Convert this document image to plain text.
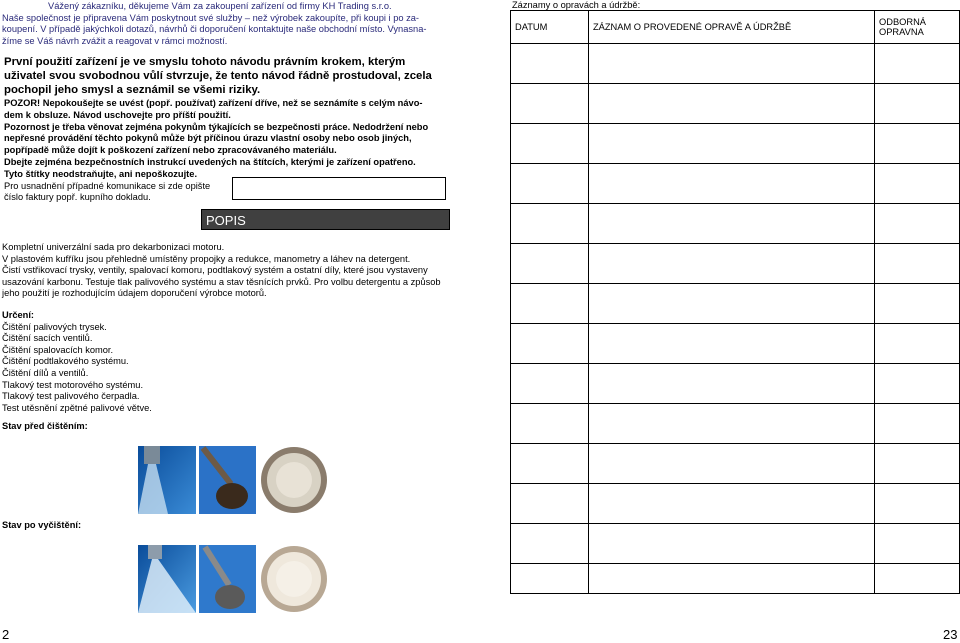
Vážený zákazníku, děkujeme Vám za zakoupení zařízení od firmy KH Trading s.r.o.
Naše společnost je připravena Vám poskytnout své služby – než výrobek zakoupíte, při koupi i po za-
koupení. V případě jakýchkoli dotazů, návrhů či doporučení kontaktujte naše obchodní místo. Vynasna-
žíme se Váš návrh zvážit a reagovat v rámci možností.
První použití zařízení je ve smyslu tohoto návodu právním krokem, kterým uživatel svou svobodnou vůlí stvrzuje, že tento návod řádně prostudoval, zcela pochopil jeho smysl a seznámil se všemi riziky.
POZOR! Nepokoušejte se uvést (popř. používat) zařízení dříve, než se seznámíte s celým návo-
dem k obsluze. Návod uschovejte pro příští použití.
Pozornost je třeba věnovat zejména pokynům týkajících se bezpečnosti práce. Nedodržení nebo nepřesné provádění těchto pokynů může být příčinou úrazu vlastní osoby nebo osob jiných, popřípadě může dojít k poškození zařízení nebo zpracovávaného materiálu.
Dbejte zejména bezpečnostních instrukcí uvedených na štítcích, kterými je zařízení opatřeno.
Tyto štítky neodstraňujte, ani nepoškozujte.
Pro usnadnění případné komunikace si zde opište
číslo faktury popř. kupního dokladu.
POPIS
Kompletní univerzální sada pro dekarbonizaci motoru.
V plastovém kufříku jsou přehledně umístěny propojky a redukce, manometry a láhev na detergent.
Čistí vstřikovací trysky, ventily, spalovací komoru, podtlakový systém a ostatní díly, které jsou vystaveny usazování karbonu. Testuje tlak palivového systému a stav těsnících prvků. Pro volbu detergentu a způsob jeho použití je rozhodujícím údajem doporučení výrobce motorů.
Určení:
Čištění palivových trysek.
Čištění sacích ventilů.
Čištění spalovacích komor.
Čištění podtlakového systému.
Čištění dílů a ventilů.
Tlakový test motorového systému.
Tlakový test palivového čerpadla.
Test utěsnění zpětné palivové větve.
Stav před čištěním:
Stav po vyčištění:
2
Záznamy o opravách a údržbě:
DATUM	ZÁZNAM O PROVEDENÉ OPRAVĚ A ÚDRŽBĚ	ODBORNÁ
OPRAVNA

23
